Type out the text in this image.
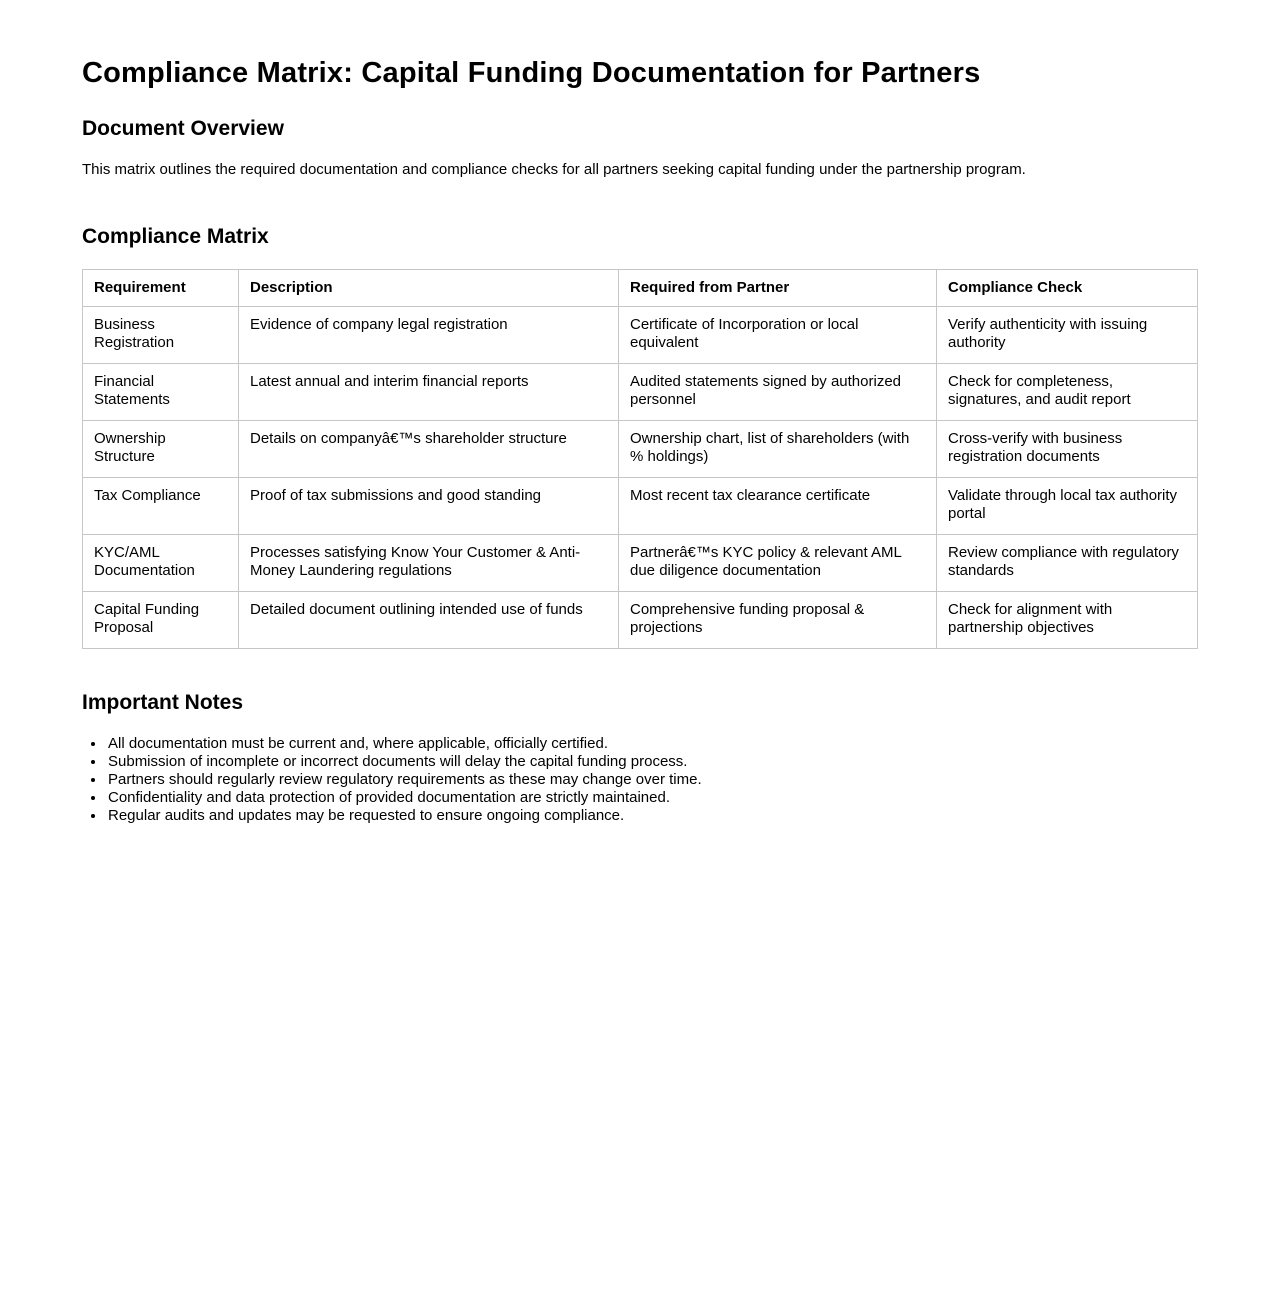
Compliance Matrix: Capital Funding Documentation for Partners
Document Overview

This matrix outlines the required documentation and compliance checks for all partners seeking capital funding under the partnership program.

Compliance Matrix
Requirement	Description	Required from Partner	Compliance Check
Business Registration	Evidence of company legal registration	Certificate of Incorporation or local equivalent	Verify authenticity with issuing authority
Financial Statements	Latest annual and interim financial reports	Audited statements signed by authorized personnel	Check for completeness, signatures, and audit report
Ownership Structure	Details on companyâ€™s shareholder structure	Ownership chart, list of shareholders (with % holdings)	Cross-verify with business registration documents
Tax Compliance	Proof of tax submissions and good standing	Most recent tax clearance certificate	Validate through local tax authority portal
KYC/AML Documentation	Processes satisfying Know Your Customer & Anti-Money Laundering regulations	Partnerâ€™s KYC policy & relevant AML due diligence documentation	Review compliance with regulatory standards
Capital Funding Proposal	Detailed document outlining intended use of funds	Comprehensive funding proposal & projections	Check for alignment with partnership objectives
Important Notes
• All documentation must be current and, where applicable, officially certified.
• Submission of incomplete or incorrect documents will delay the capital funding process.
• Partners should regularly review regulatory requirements as these may change over time.
• Confidentiality and data protection of provided documentation are strictly maintained.
• Regular audits and updates may be requested to ensure ongoing compliance.
